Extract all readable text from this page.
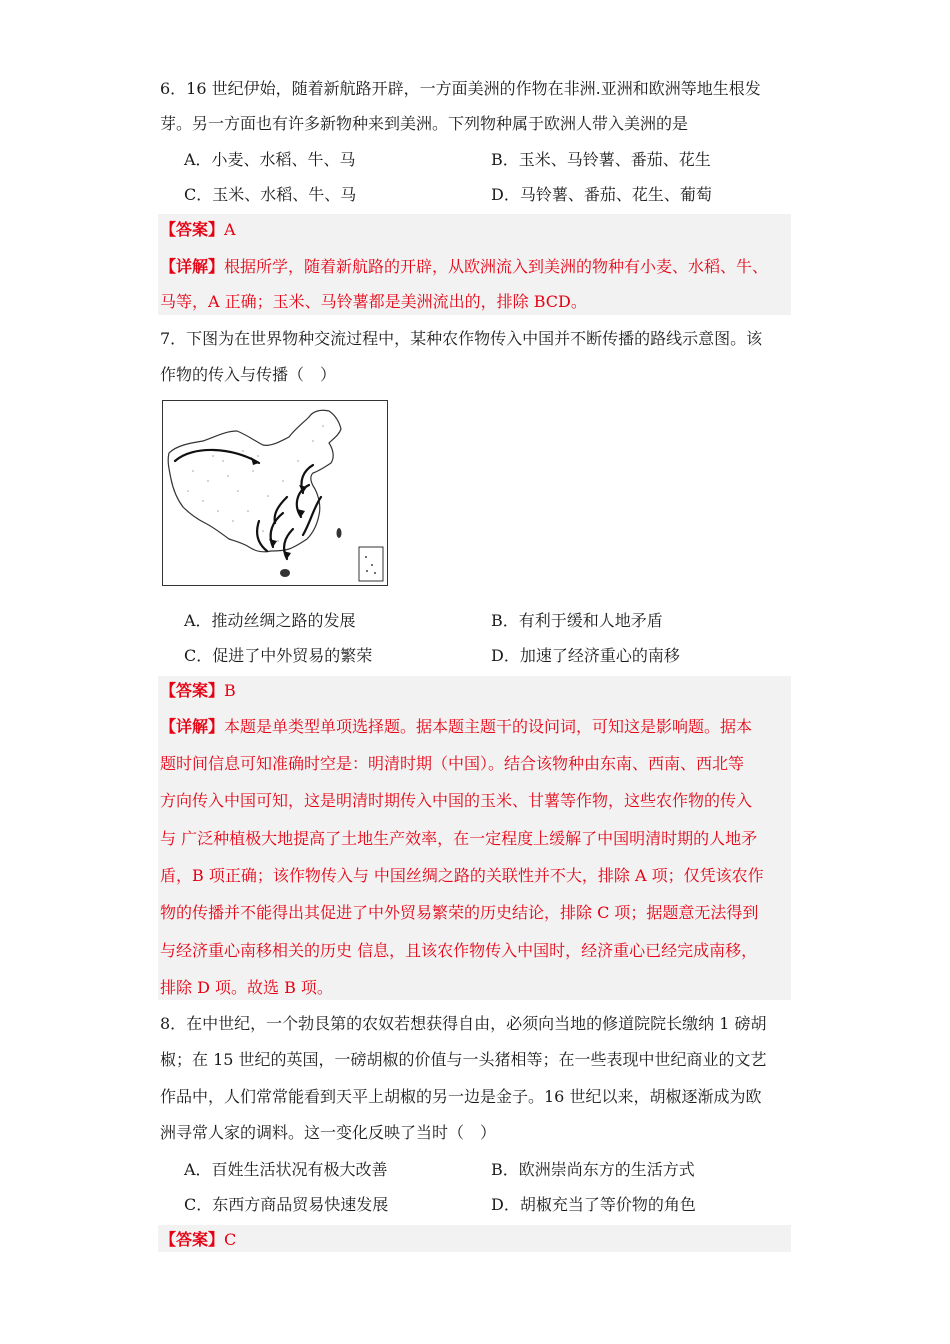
6．16 世纪伊始，随着新航路开辟，一方面美洲的作物在非洲.亚洲和欧洲等地生根发
芽。另一方面也有许多新物种来到美洲。下列物种属于欧洲人带入美洲的是
A．小麦、水稻、牛、马	B．玉米、马铃薯、番茄、花生
C．玉米、水稻、牛、马	D．马铃薯、番茄、花生、葡萄
【答案】A
【详解】根据所学，随着新航路的开辟，从欧洲流入到美洲的物种有小麦、水稻、牛、
马等，A 正确；玉米、马铃薯都是美洲流出的，排除 BCD。
7．下图为在世界物种交流过程中，某种农作物传入中国并不断传播的路线示意图。该
作物的传入与传播（　）
A．推动丝绸之路的发展	B．有利于缓和人地矛盾
C．促进了中外贸易的繁荣	D．加速了经济重心的南移
【答案】B
【详解】本题是单类型单项选择题。据本题主题干的设问词，可知这是影响题。据本
题时间信息可知准确时空是：明清时期（中国）。结合该物种由东南、西南、西北等
方向传入中国可知，这是明清时期传入中国的玉米、甘薯等作物，这些农作物的传入
与 广泛种植极大地提高了土地生产效率，在一定程度上缓解了中国明清时期的人地矛
盾，B 项正确；该作物传入与 中国丝绸之路的关联性并不大，排除 A 项；仅凭该农作
物的传播并不能得出其促进了中外贸易繁荣的历史结论，排除 C 项；据题意无法得到
与经济重心南移相关的历史 信息，且该农作物传入中国时，经济重心已经完成南移，
排除 D 项。故选 B 项。
8．在中世纪，一个勃艮第的农奴若想获得自由，必须向当地的修道院院长缴纳 1 磅胡
椒；在 15 世纪的英国，一磅胡椒的价值与一头猪相等；在一些表现中世纪商业的文艺
作品中，人们常常能看到天平上胡椒的另一边是金子。16 世纪以来，胡椒逐渐成为欧
洲寻常人家的调料。这一变化反映了当时（　）
A．百姓生活状况有极大改善	B．欧洲崇尚东方的生活方式
C．东西方商品贸易快速发展	D．胡椒充当了等价物的角色
【答案】C
